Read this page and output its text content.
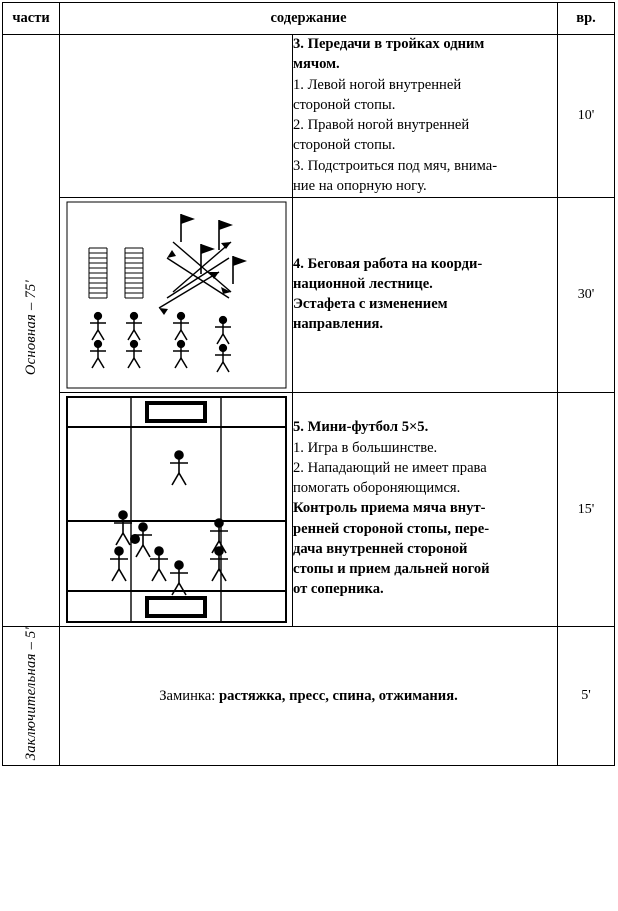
части	содержание		вр.
Основная – 75'		

3. Передачи в тройках одним

мячом.

1. Левой ногой внутренней

стороной стопы.

2. Правой ногой внутренней

стороной стопы.

3. Подстроиться под мяч, внима-

ние на опорную ногу.

	10'

4. Беговая работа на коорди-

национной лестнице.

Эстафета с изменением

направления.	30'

5. Мини-футбол 5×5.

1. Игра в большинстве.

2. Нападающий не имеет права

помогать обороняющимся.

Контроль приема мяча внут-

ренней стороной стопы, пере-

дача внутренней стороной

стопы и прием дальней ногой

от соперника.

	15'
Заключительная – 5'	Заминка: растяжка, пресс, спина, отжимания.		5'
